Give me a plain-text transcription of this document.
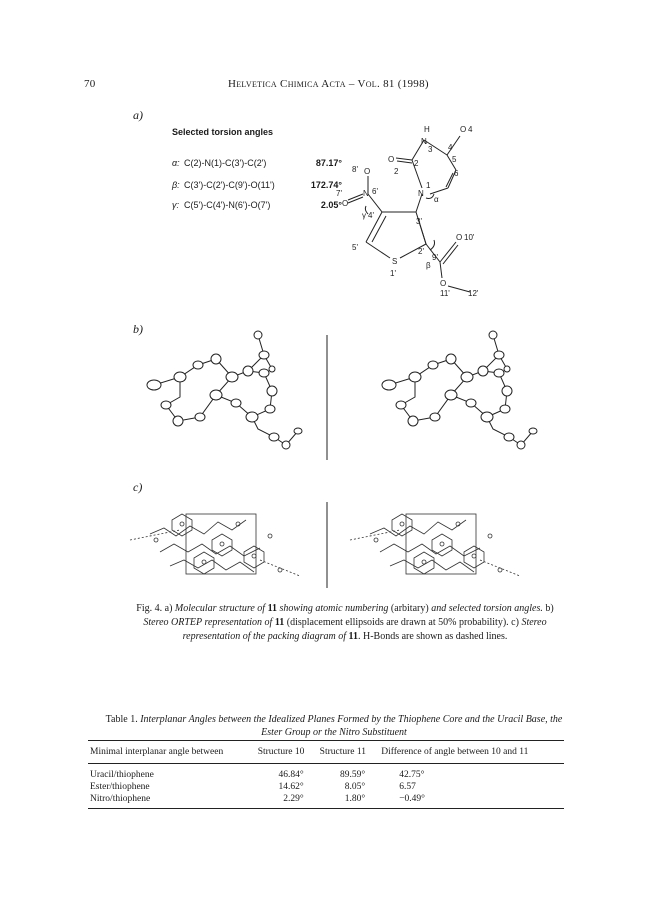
70	Helvetica Chimica Acta – Vol. 81 (1998)
a)
b)
c)
Selected torsion angles
α: C(2)-N(1)-C(3')-C(2')	87.17°
β: C(3')-C(2')-C(9')-O(11')	172.74°
γ: C(5')-C(4')-N(6')-O(7')	2.05°
H
N
3
O 4
4
O
2
2	5
6
N
1
O
8'
N 6'
O
7'
γ 4'
3'
α
5'
S
1'
2'
β
9'
O 10'
O
11' 12'
Fig. 4. a) Molecular structure of 11 showing atomic numbering (arbitary) and selected torsion angles. b) Stereo ORTEP representation of 11 (displacement ellipsoids are drawn at 50% probability). c) Stereo representation of the packing diagram of 11. H-Bonds are shown as dashed lines.
Table 1. Interplanar Angles between the Idealized Planes Formed by the Thiophene Core and the Uracil Base, the Ester Group or the Nitro Substituent
Minimal interplanar angle between	Structure 10	Structure 11	Difference of angle between 10 and 11
Uracil/thiophene	46.84°	89.59°	42.75°
Ester/thiophene	14.62°	8.05°	6.57
Nitro/thiophene	2.29°	1.80°	−0.49°
